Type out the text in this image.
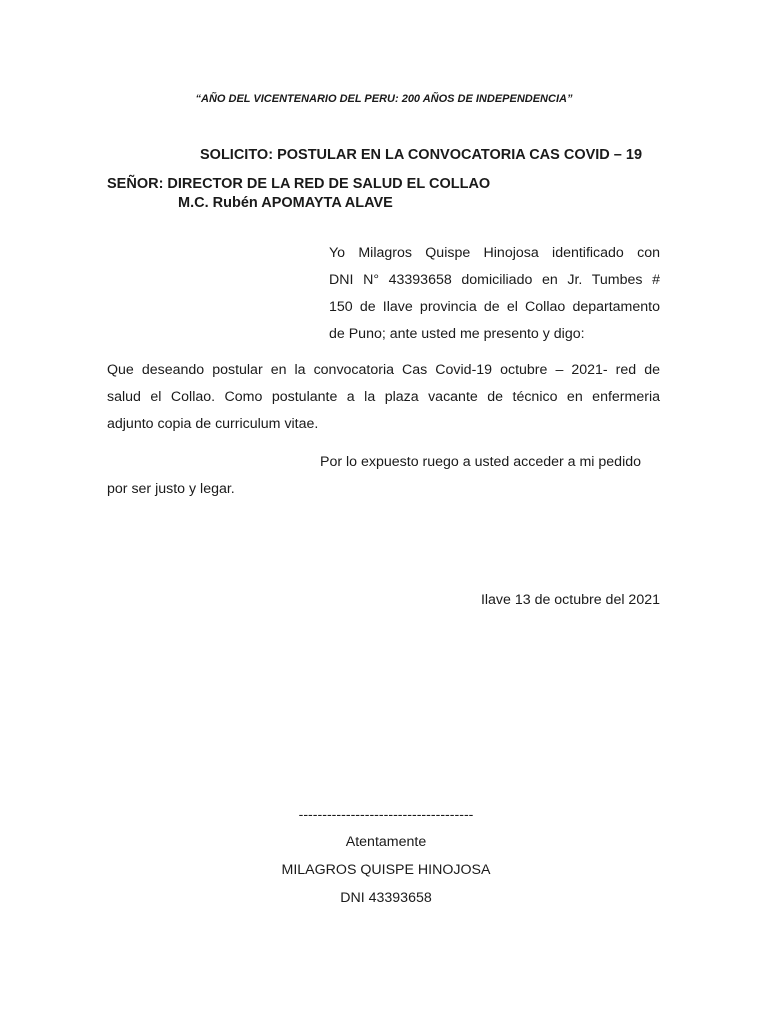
“AÑO DEL VICENTENARIO DEL PERU: 200 AÑOS DE INDEPENDENCIA”
SOLICITO: POSTULAR EN LA CONVOCATORIA CAS COVID – 19
SEÑOR: DIRECTOR DE LA RED DE SALUD EL COLLAO
M.C. Rubén APOMAYTA ALAVE
Yo Milagros Quispe Hinojosa identificado con
DNI N° 43393658 domiciliado en Jr. Tumbes #
150 de Ilave provincia de el Collao departamento
de Puno; ante usted me presento y digo:
Que deseando postular en la convocatoria Cas Covid-19 octubre – 2021- red de
salud el Collao. Como postulante a la plaza vacante de técnico en enfermeria
adjunto copia de curriculum vitae.
Por lo expuesto ruego a usted acceder a mi pedido
por ser justo y legar.
Ilave 13 de octubre del 2021
-------------------------------------
Atentamente
MILAGROS QUISPE HINOJOSA
DNI 43393658
